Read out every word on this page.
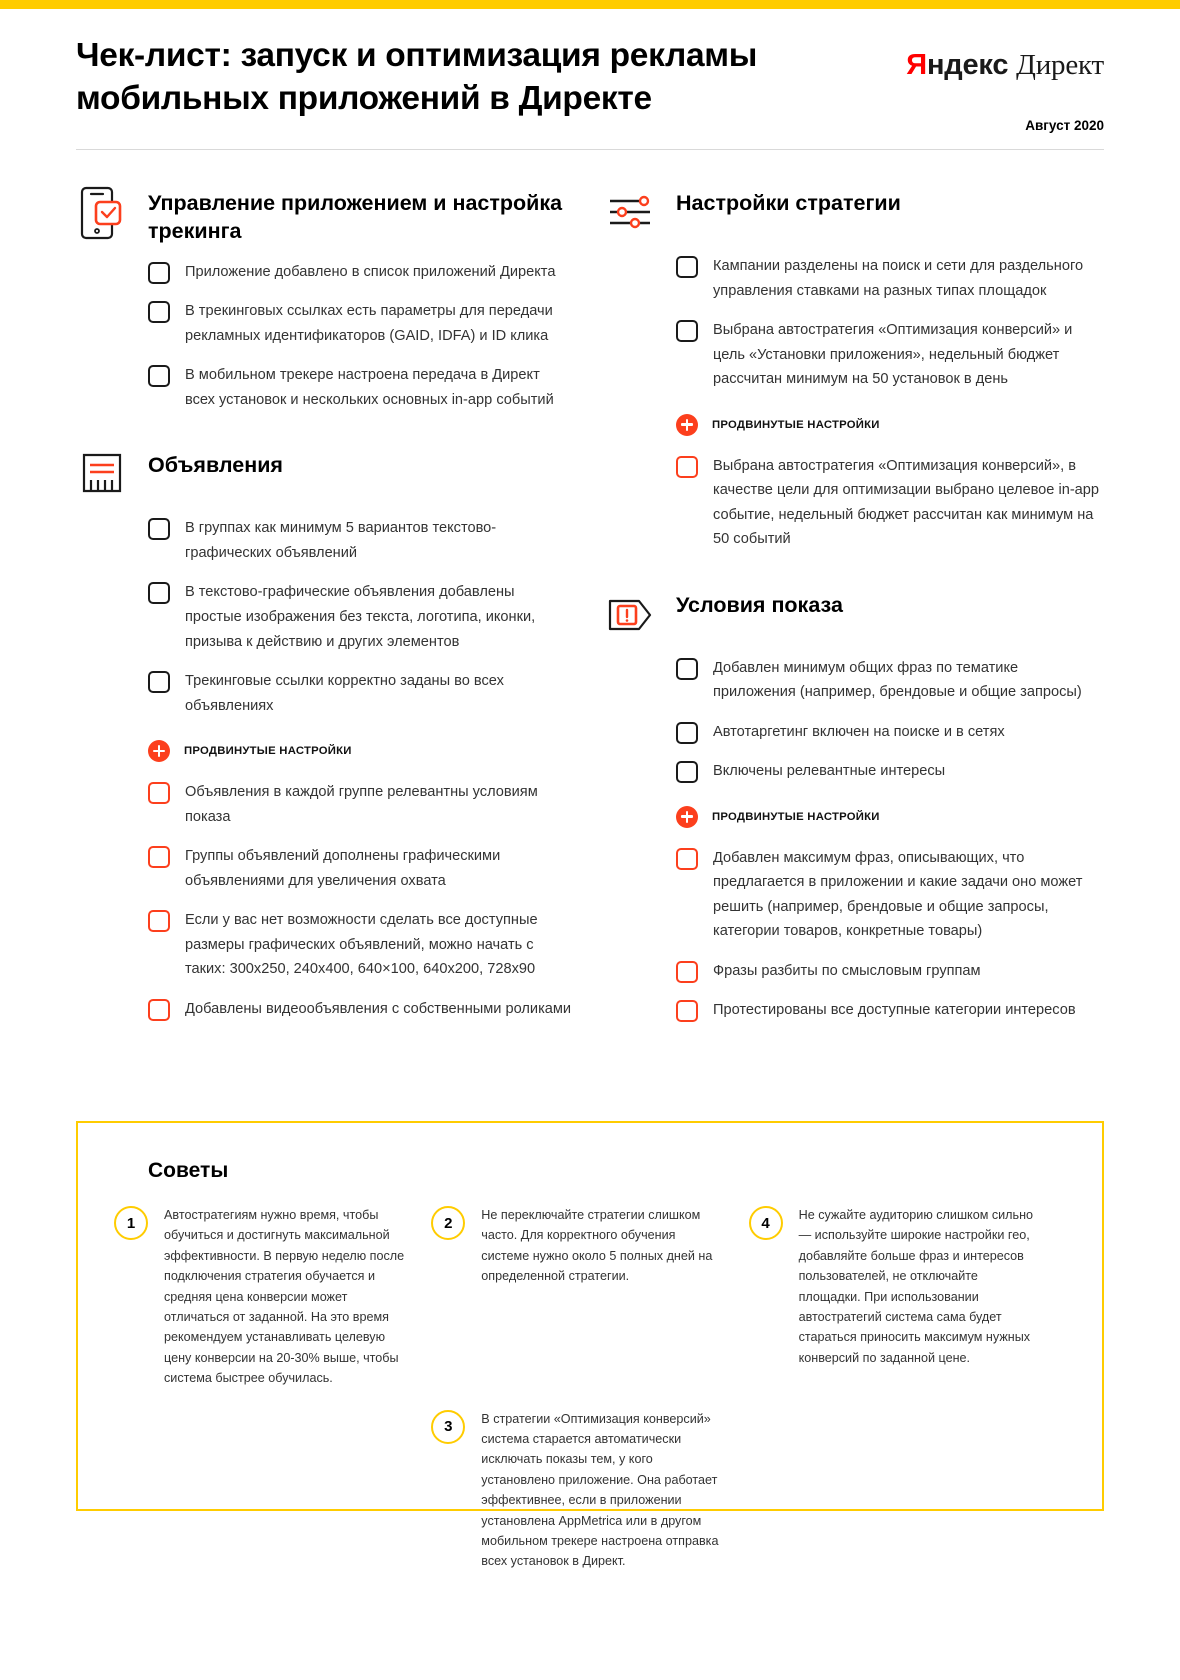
Чек-лист: запуск и оптимизация рекламы мобильных приложений в Директе
Яндекс Директ
Август 2020
Управление приложением и настройка трекинга
Приложение добавлено в список приложений Директа
В трекинговых ссылках есть параметры для передачи рекламных идентификаторов (GAID, IDFA) и ID клика
В мобильном трекере настроена передача в Директ всех установок и нескольких основных in-app событий
Объявления
В группах как минимум 5 вариантов текстово-графических объявлений
В текстово-графические объявления добавлены простые изображения без текста, логотипа, иконки, призыва к действию и других элементов
Трекинговые ссылки корректно заданы во всех объявлениях
ПРОДВИНУТЫЕ НАСТРОЙКИ
Объявления в каждой группе релевантны условиям показа
Группы объявлений дополнены графическими объявлениями для увеличения охвата
Если у вас нет возможности сделать все доступные размеры графических объявлений, можно начать с таких: 300x250, 240x400, 640×100, 640x200, 728x90
Добавлены видеообъявления с собственными роликами
Настройки стратегии
Кампании разделены на поиск и сети для раздельного управления ставками на разных типах площадок
Выбрана автостратегия «Оптимизация конверсий» и цель «Установки приложения», недельный бюджет рассчитан минимум на 50 установок в день
ПРОДВИНУТЫЕ НАСТРОЙКИ
Выбрана автостратегия «Оптимизация конверсий», в качестве цели для оптимизации выбрано целевое in-app событие, недельный бюджет рассчитан как минимум на 50 событий
Условия показа
Добавлен минимум общих фраз по тематике приложения (например, брендовые и общие запросы)
Автотаргетинг включен на поиске и в сетях
Включены релевантные интересы
ПРОДВИНУТЫЕ НАСТРОЙКИ
Добавлен максимум фраз, описывающих, что предлагается в приложении и какие задачи оно может решить (например, брендовые и общие запросы, категории товаров, конкретные товары)
Фразы разбиты по смысловым группам
Протестированы все доступные категории интересов
Советы
1	Автостратегиям нужно время, чтобы обучиться и достигнуть максимальной эффективности. В первую неделю после подключения стратегия обучается и средняя цена конверсии может отличаться от заданной. На это время рекомендуем устанавливать целевую цену конверсии на 20-30% выше, чтобы система быстрее обучилась.
2	Не переключайте стратегии слишком часто. Для корректного обучения системе нужно около 5 полных дней на определенной стратегии.
3	В стратегии «Оптимизация конверсий» система старается автоматически исключать показы тем, у кого установлено приложение. Она работает эффективнее, если в приложении установлена AppMetrica или в другом мобильном трекере настроена отправка всех установок в Директ.
4	Не сужайте аудиторию слишком сильно — используйте широкие настройки гео, добавляйте больше фраз и интересов пользователей, не отключайте площадки. При использовании автостратегий система сама будет стараться приносить максимум нужных конверсий по заданной цене.
